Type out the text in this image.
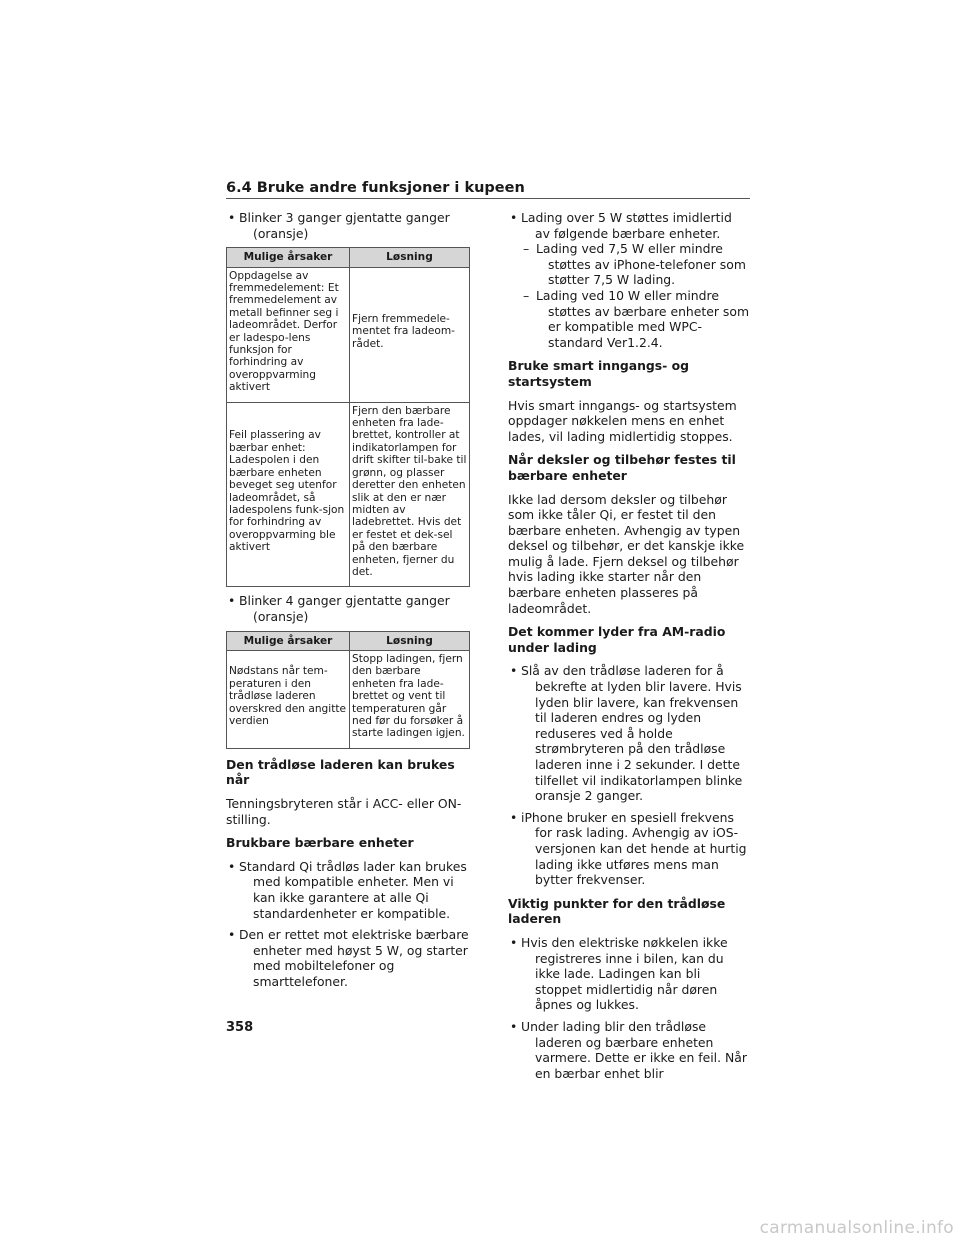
6.4 Bruke andre funksjoner i kupeen
• Blinker 3 ganger gjentatte ganger (oransje)
Mulige årsaker	Løsning
Oppdagelse av fremmedelement: Et fremmedelement av metall befinner seg i ladeområdet. Derfor er ladespo-lens funksjon for forhindring av overoppvarming aktivert	Fjern fremmedele-mentet fra ladeom-rådet.
Feil plassering av bærbar enhet: Ladespolen i den bærbare enheten beveget seg utenfor ladeområdet, så ladespolens funk-sjon for forhindring av overoppvarming ble aktivert	Fjern den bærbare enheten fra lade-brettet, kontroller at indikatorlampen for drift skifter til-bake til grønn, og plasser deretter den enheten slik at den er nær midten av ladebrettet. Hvis det er festet et dek-sel på den bærbare enheten, fjerner du det.
• Blinker 4 ganger gjentatte ganger (oransje)
Mulige årsaker	Løsning
Nødstans når tem-peraturen i den trådløse laderen overskred den angitte verdien	Stopp ladingen, fjern den bærbare enheten fra lade-brettet og vent til temperaturen går ned før du forsøker å starte ladingen igjen.
Den trådløse laderen kan brukes når
Tenningsbryteren står i ACC- eller ON-stilling.
Brukbare bærbare enheter
• Standard Qi trådløs lader kan brukes med kompatible enheter. Men vi kan ikke garantere at alle Qi standardenheter er kompatible.
• Den er rettet mot elektriske bærbare enheter med høyst 5 W, og starter med mobiltelefoner og smarttelefoner.
• Lading over 5 W støttes imidlertid av følgende bærbare enheter.
– Lading ved 7,5 W eller mindre støttes av iPhone-telefoner som støtter 7,5 W lading.
– Lading ved 10 W eller mindre støttes av bærbare enheter som er kompatible med WPC-standard Ver1.2.4.
Bruke smart inngangs- og startsystem
Hvis smart inngangs- og startsystem oppdager nøkkelen mens en enhet lades, vil lading midlertidig stoppes.
Når deksler og tilbehør festes til bærbare enheter
Ikke lad dersom deksler og tilbehør som ikke tåler Qi, er festet til den bærbare enheten. Avhengig av typen deksel og tilbehør, er det kanskje ikke mulig å lade. Fjern deksel og tilbehør hvis lading ikke starter når den bærbare enheten plasseres på ladeområdet.
Det kommer lyder fra AM-radio under lading
• Slå av den trådløse laderen for å bekrefte at lyden blir lavere. Hvis lyden blir lavere, kan frekvensen til laderen endres og lyden reduseres ved å holde strømbryteren på den trådløse laderen inne i 2 sekunder. I dette tilfellet vil indikatorlampen blinke oransje 2 ganger.
• iPhone bruker en spesiell frekvens for rask lading. Avhengig av iOS-versjonen kan det hende at hurtig lading ikke utføres mens man bytter frekvenser.
Viktig punkter for den trådløse laderen
• Hvis den elektriske nøkkelen ikke registreres inne i bilen, kan du ikke lade. Ladingen kan bli stoppet midlertidig når døren åpnes og lukkes.
• Under lading blir den trådløse laderen og bærbare enheten varmere. Dette er ikke en feil. Når en bærbar enhet blir
358
carmanualsonline.info
